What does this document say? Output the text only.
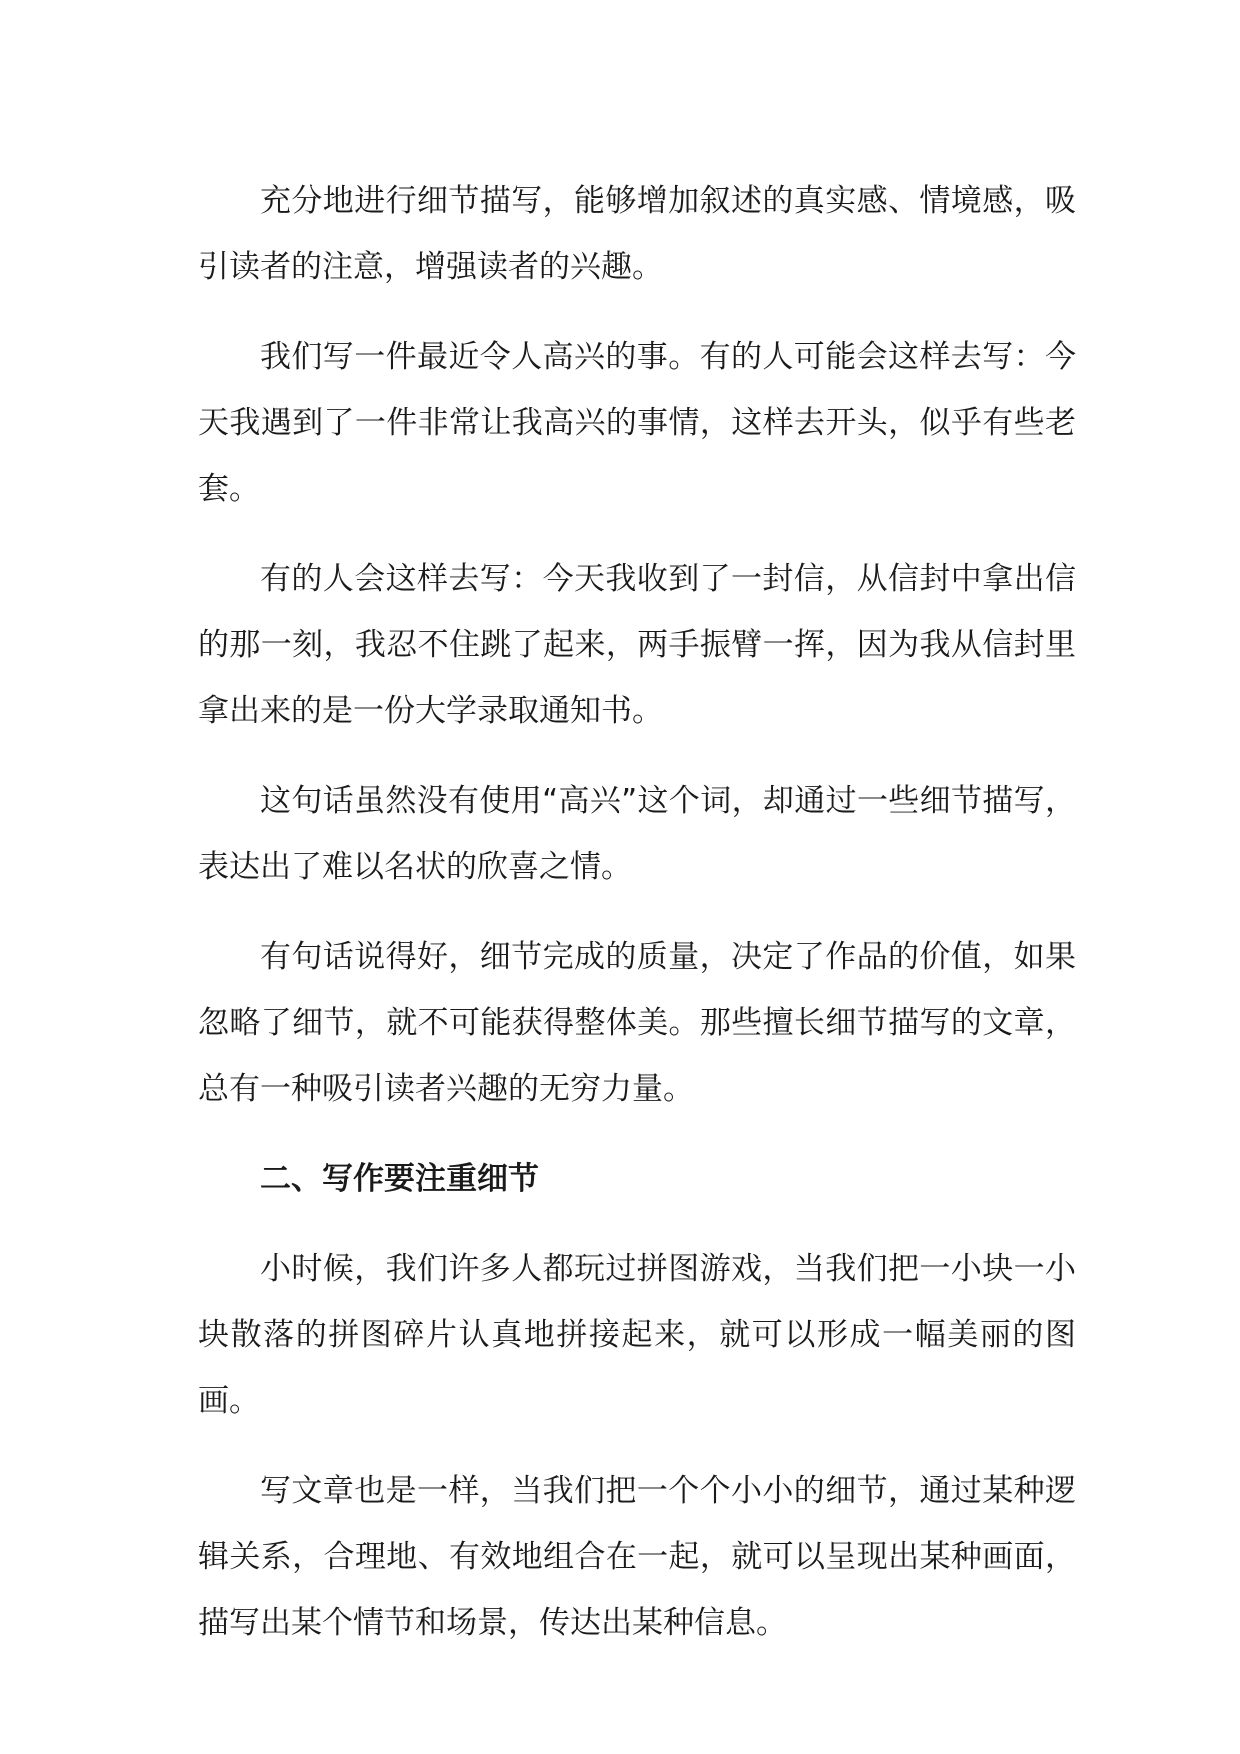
充分地进行细节描写，能够增加叙述的真实感、情境感，吸引读者的注意，增强读者的兴趣。

我们写一件最近令人高兴的事。有的人可能会这样去写：今天我遇到了一件非常让我高兴的事情，这样去开头，似乎有些老套。

有的人会这样去写：今天我收到了一封信，从信封中拿出信的那一刻，我忍不住跳了起来，两手振臂一挥，因为我从信封里拿出来的是一份大学录取通知书。

这句话虽然没有使用“高兴”这个词，却通过一些细节描写，表达出了难以名状的欣喜之情。

有句话说得好，细节完成的质量，决定了作品的价值，如果忽略了细节，就不可能获得整体美。那些擅长细节描写的文章，总有一种吸引读者兴趣的无穷力量。

二、写作要注重细节

小时候，我们许多人都玩过拼图游戏，当我们把一小块一小块散落的拼图碎片认真地拼接起来，就可以形成一幅美丽的图画。

写文章也是一样，当我们把一个个小小的细节，通过某种逻辑关系，合理地、有效地组合在一起，就可以呈现出某种画面，描写出某个情节和场景，传达出某种信息。
